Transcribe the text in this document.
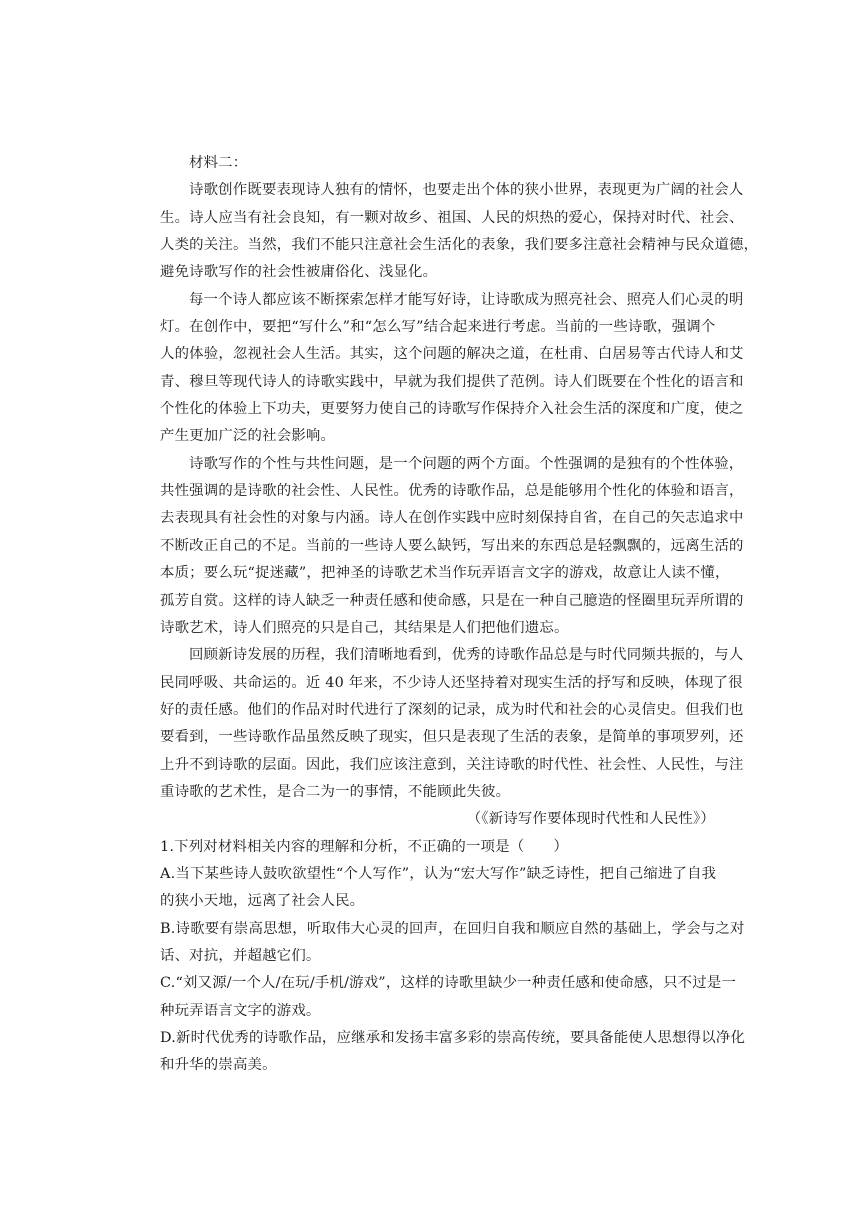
材料二：
诗歌创作既要表现诗人独有的情怀，也要走出个体的狭小世界，表现更为广阔的社会人
生。诗人应当有社会良知，有一颗对故乡、祖国、人民的炽热的爱心，保持对时代、社会、
人类的关注。当然，我们不能只注意社会生活化的表象，我们要多注意社会精神与民众道德，
避免诗歌写作的社会性被庸俗化、浅显化。
每一个诗人都应该不断探索怎样才能写好诗，让诗歌成为照亮社会、照亮人们心灵的明
灯。在创作中，要把“写什么”和“怎么写”结合起来进行考虑。当前的一些诗歌，强调个
人的体验，忽视社会人生活。其实，这个问题的解决之道，在杜甫、白居易等古代诗人和艾
青、穆旦等现代诗人的诗歌实践中，早就为我们提供了范例。诗人们既要在个性化的语言和
个性化的体验上下功夫，更要努力使自己的诗歌写作保持介入社会生活的深度和广度，使之
产生更加广泛的社会影响。
诗歌写作的个性与共性问题，是一个问题的两个方面。个性强调的是独有的个性体验，
共性强调的是诗歌的社会性、人民性。优秀的诗歌作品，总是能够用个性化的体验和语言，
去表现具有社会性的对象与内涵。诗人在创作实践中应时刻保持自省，在自己的矢志追求中
不断改正自己的不足。当前的一些诗人要么缺钙，写出来的东西总是轻飘飘的，远离生活的
本质；要么玩“捉迷藏”，把神圣的诗歌艺术当作玩弄语言文字的游戏，故意让人读不懂，
孤芳自赏。这样的诗人缺乏一种责任感和使命感，只是在一种自己臆造的怪圈里玩弄所谓的
诗歌艺术，诗人们照亮的只是自己，其结果是人们把他们遗忘。
回顾新诗发展的历程，我们清晰地看到，优秀的诗歌作品总是与时代同频共振的，与人
民同呼吸、共命运的。近 40 年来，不少诗人还坚持着对现实生活的抒写和反映，体现了很
好的责任感。他们的作品对时代进行了深刻的记录，成为时代和社会的心灵信史。但我们也
要看到，一些诗歌作品虽然反映了现实，但只是表现了生活的表象，是简单的事项罗列，还
上升不到诗歌的层面。因此，我们应该注意到，关注诗歌的时代性、社会性、人民性，与注
重诗歌的艺术性，是合二为一的事情，不能顾此失彼。
（《新诗写作要体现时代性和人民性》）
1.下列对材料相关内容的理解和分析，不正确的一项是（　　）
A.当下某些诗人鼓吹欲望性“个人写作”，认为“宏大写作”缺乏诗性，把自己缩进了自我
的狭小天地，远离了社会人民。
B.诗歌要有崇高思想，听取伟大心灵的回声，在回归自我和顺应自然的基础上，学会与之对
话、对抗，并超越它们。
C.“刘又源/一个人/在玩/手机/游戏”，这样的诗歌里缺少一种责任感和使命感，只不过是一
种玩弄语言文字的游戏。
D.新时代优秀的诗歌作品，应继承和发扬丰富多彩的崇高传统，要具备能使人思想得以净化
和升华的崇高美。
